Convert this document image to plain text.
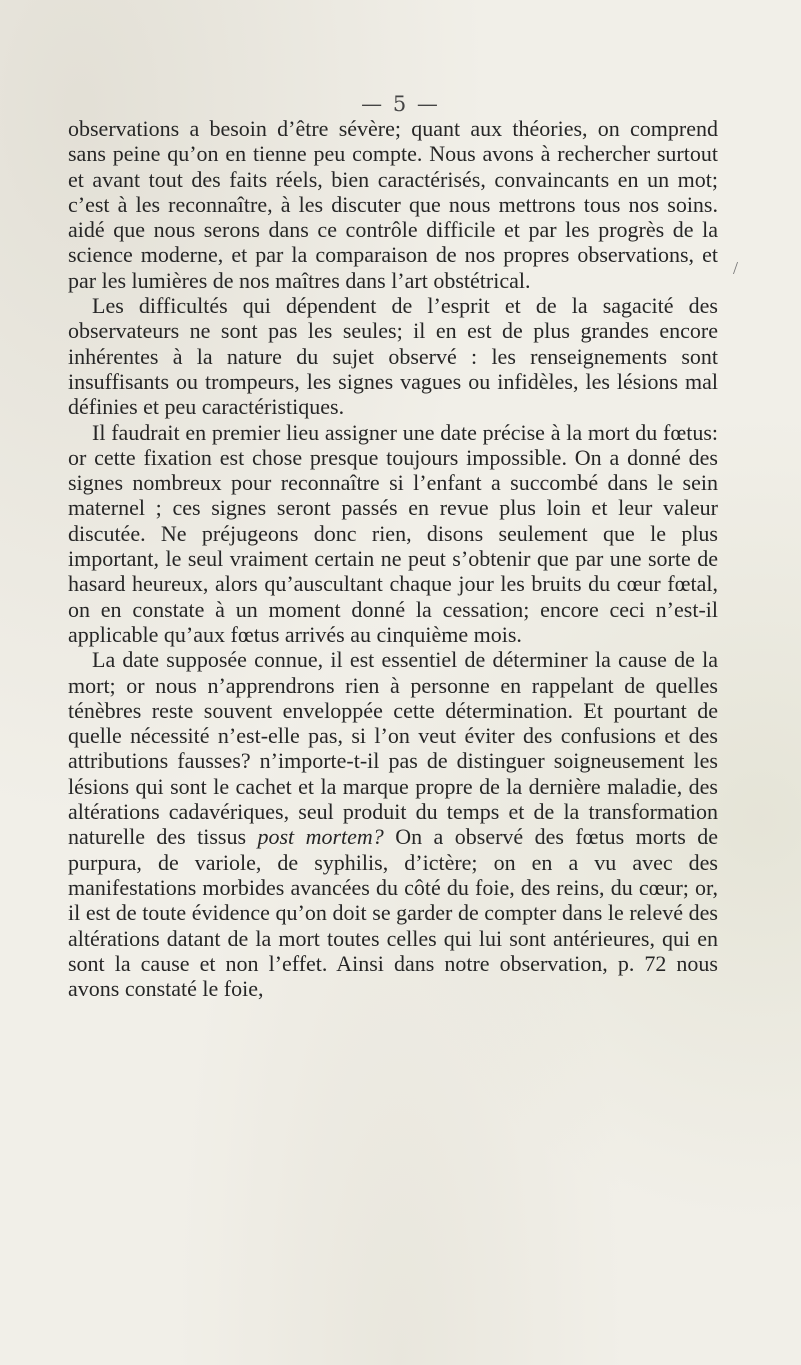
— 5 —
/

observations a besoin d’être sévère; quant aux théories, on comprend sans peine qu’on en tienne peu compte. Nous avons à rechercher surtout et avant tout des faits réels, bien caractérisés, convaincants en un mot; c’est à les reconnaître, à les discuter que nous mettrons tous nos soins. aidé que nous serons dans ce contrôle difficile et par les progrès de la science moderne, et par la comparaison de nos propres observations, et par les lumières de nos maîtres dans l’art obstétrical.

Les difficultés qui dépendent de l’esprit et de la sagacité des observateurs ne sont pas les seules; il en est de plus grandes encore inhérentes à la nature du sujet observé : les renseignements sont insuffisants ou trompeurs, les signes vagues ou infidèles, les lésions mal définies et peu caractéristiques.

Il faudrait en premier lieu assigner une date précise à la mort du fœtus: or cette fixation est chose presque toujours impossible. On a donné des signes nombreux pour reconnaître si l’enfant a succombé dans le sein maternel ; ces signes seront passés en revue plus loin et leur valeur discutée. Ne préjugeons donc rien, disons seulement que le plus important, le seul vraiment certain ne peut s’obtenir que par une sorte de hasard heureux, alors qu’auscultant chaque jour les bruits du cœur fœtal, on en constate à un moment donné la cessation; encore ceci n’est-il applicable qu’aux fœtus arrivés au cinquième mois.

La date supposée connue, il est essentiel de déterminer la cause de la mort; or nous n’apprendrons rien à personne en rappelant de quelles ténèbres reste souvent enveloppée cette détermination. Et pourtant de quelle nécessité n’est-elle pas, si l’on veut éviter des confusions et des attributions fausses? n’importe-t-il pas de distinguer soigneusement les lésions qui sont le cachet et la marque propre de la dernière maladie, des altérations cadavériques, seul produit du temps et de la transformation naturelle des tissus post mortem? On a observé des fœtus morts de purpura, de variole, de syphilis, d’ictère; on en a vu avec des manifestations morbides avancées du côté du foie, des reins, du cœur; or, il est de toute évidence qu’on doit se garder de compter dans le relevé des altérations datant de la mort toutes celles qui lui sont antérieures, qui en sont la cause et non l’effet. Ainsi dans notre observation, p. 72 nous avons constaté le foie,
